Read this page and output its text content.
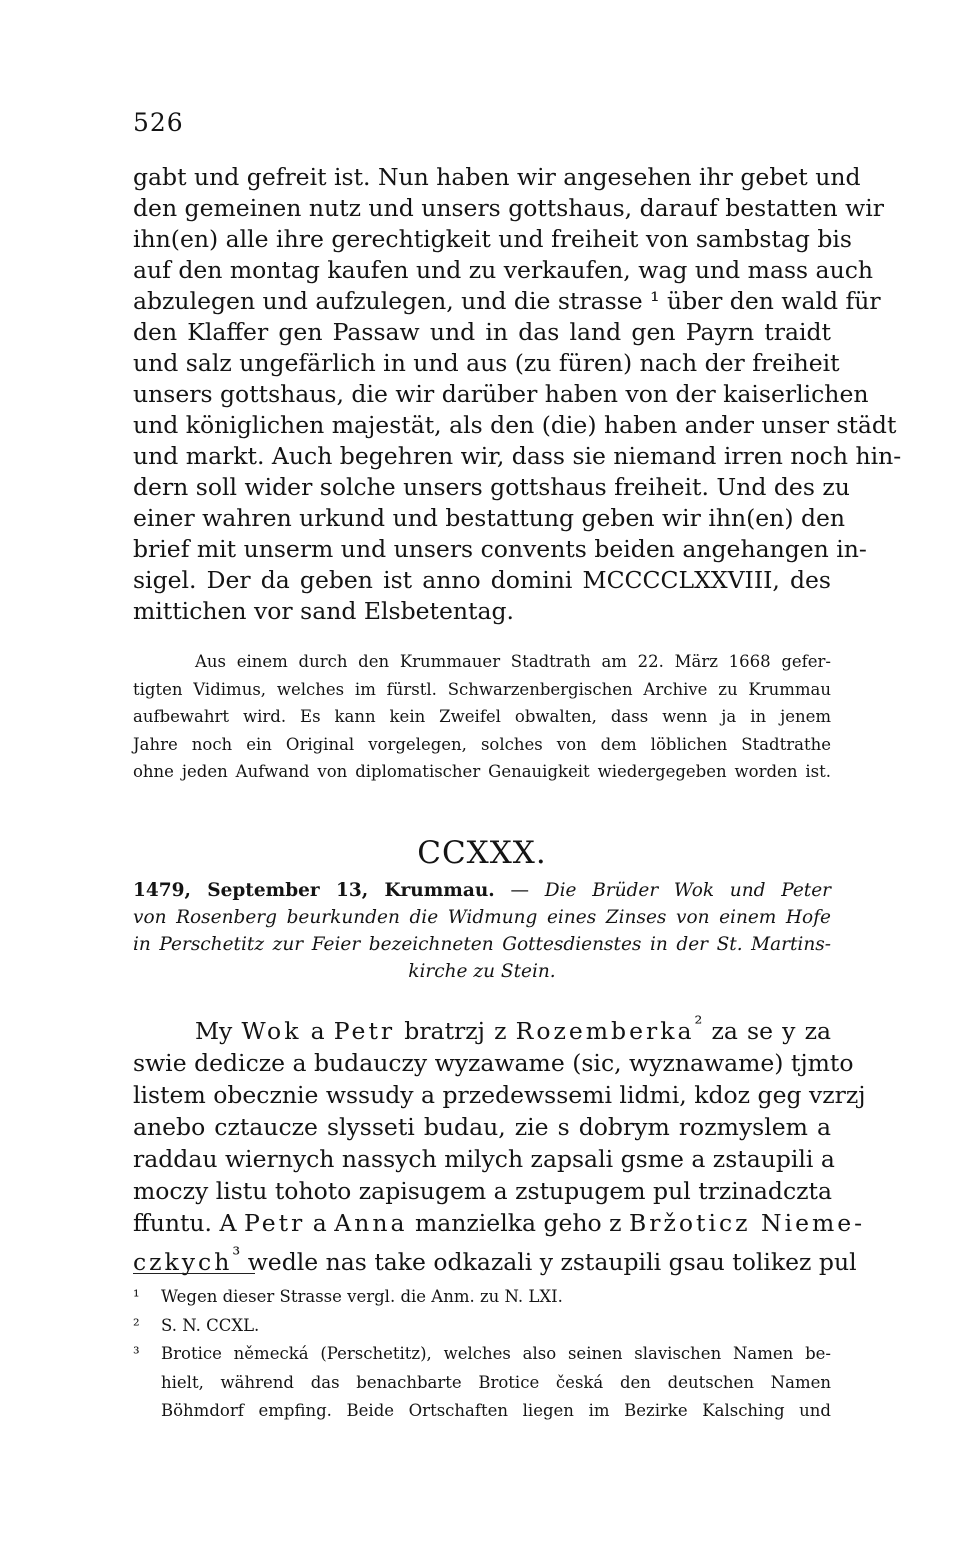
526
gabt und gefreit ist. Nun haben wir angesehen ihr gebet und
den gemeinen nutz und unsers gottshaus, darauf bestatten wir
ihn(en) alle ihre gerechtigkeit und freiheit von sambstag bis
auf den montag kaufen und zu verkaufen, wag und mass auch
abzulegen und aufzulegen, und die strasse ¹ über den wald für
den Klaffer gen Passaw und in das land gen Payrn traidt
und salz ungefärlich in und aus (zu füren) nach der freiheit
unsers gottshaus, die wir darüber haben von der kaiserlichen
und königlichen majestät, als den (die) haben ander unser städt
und markt. Auch begehren wir, dass sie niemand irren noch hin-
dern soll wider solche unsers gottshaus freiheit. Und des zu
einer wahren urkund und bestattung geben wir ihn(en) den
brief mit unserm und unsers convents beiden angehangen in-
sigel. Der da geben ist anno domini MCCCCLXXVIII, des
mittichen vor sand Elsbetentag.
Aus einem durch den Krummauer Stadtrath am 22. März 1668 gefer-
tigten Vidimus, welches im fürstl. Schwarzenbergischen Archive zu Krummau
aufbewahrt wird. Es kann kein Zweifel obwalten, dass wenn ja in jenem
Jahre noch ein Original vorgelegen, solches von dem löblichen Stadtrathe
ohne jeden Aufwand von diplomatischer Genauigkeit wiedergegeben worden ist.
CCXXX.
1479, September 13, Krummau. — Die Brüder Wok und Peter
von Rosenberg beurkunden die Widmung eines Zinses von einem Hofe
in Perschetitz zur Feier bezeichneten Gottesdienstes in der St. Martins-
kirche zu Stein.
My Wok a Petr bratrzj z Rozemberka$^{^2}$ za se y za
swie dedicze a budauczy wyzawame (sic, wyznawame) tjmto
listem obecznie wssudy a przedewssemi lidmi, kdoz geg vzrzj
anebo cztaucze slysseti budau, zie s dobrym rozmyslem a
raddau wiernych nassych milych zapsali gsme a zstaupili a
moczy listu tohoto zapisugem a zstupugem pul trzinadczta
ffuntu. A Petr a Anna manzielka geho z Bržoticz Nieme-
czkych$^{^3}$ wedle nas take odkazali y zstaupili gsau tolikez pul
¹ Wegen dieser Strasse vergl. die Anm. zu N. LXI.
² S. N. CCXL.
³ Brotice německá (Perschetitz), welches also seinen slavischen Namen be-
hielt, während das benachbarte Brotice česká den deutschen Namen
Böhmdorf empfing. Beide Ortschaften liegen im Bezirke Kalsching und
